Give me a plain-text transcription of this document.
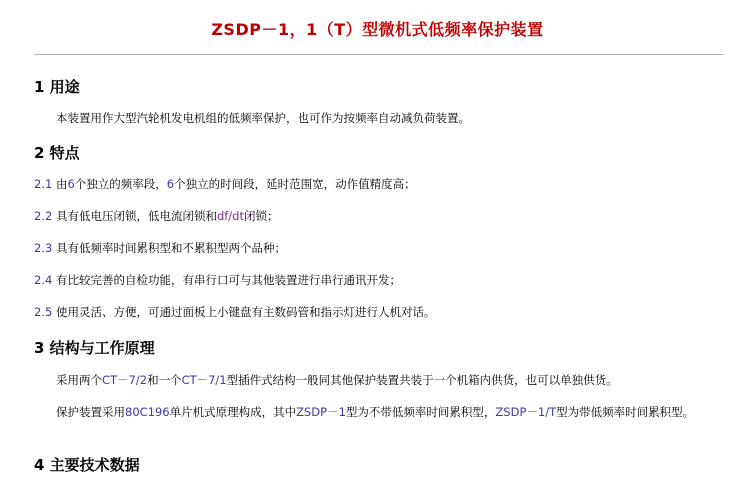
ZSDP－1，1（T）型微机式低频率保护装置
1 用途
本装置用作大型汽轮机发电机组的低频率保护，也可作为按频率自动减负荷装置。
2 特点
2.1 由6个独立的频率段，6个独立的时间段，延时范围宽，动作值精度高；
2.2 具有低电压闭锁，低电流闭锁和df/dt闭锁；
2.3 具有低频率时间累积型和不累积型两个品种；
2.4 有比较完善的自检功能，有串行口可与其他装置进行串行通讯开发；
2.5 使用灵活、方便，可通过面板上小键盘有主数码管和指示灯进行人机对话。
3 结构与工作原理
采用两个CT－7/2和一个CT－7/1型插件式结构一般同其他保护装置共装于一个机箱内供货，也可以单独供货。
保护装置采用80C196单片机式原理构成，其中ZSDP－1型为不带低频率时间累积型，ZSDP－1/T型为带低频率时间累积型。
4 主要技术数据
